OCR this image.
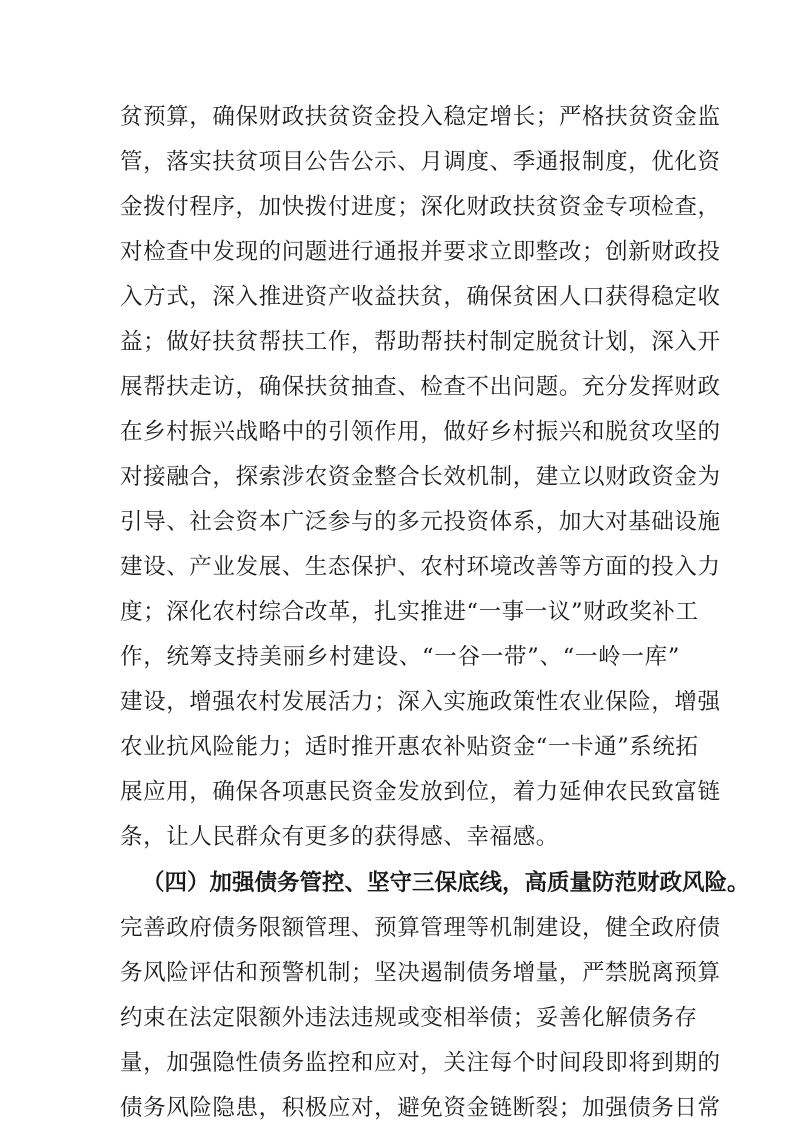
贫预算，确保财政扶贫资金投入稳定增长；严格扶贫资金监
管，落实扶贫项目公告公示、月调度、季通报制度，优化资
金拨付程序，加快拨付进度；深化财政扶贫资金专项检查，
对检查中发现的问题进行通报并要求立即整改；创新财政投
入方式，深入推进资产收益扶贫，确保贫困人口获得稳定收
益；做好扶贫帮扶工作，帮助帮扶村制定脱贫计划，深入开
展帮扶走访，确保扶贫抽查、检查不出问题。充分发挥财政
在乡村振兴战略中的引领作用，做好乡村振兴和脱贫攻坚的
对接融合，探索涉农资金整合长效机制，建立以财政资金为
引导、社会资本广泛参与的多元投资体系，加大对基础设施
建设、产业发展、生态保护、农村环境改善等方面的投入力
度；深化农村综合改革，扎实推进“一事一议”财政奖补工
作，统筹支持美丽乡村建设、“一谷一带”、“一岭一库”
建设，增强农村发展活力；深入实施政策性农业保险，增强
农业抗风险能力；适时推开惠农补贴资金“一卡通”系统拓
展应用，确保各项惠民资金发放到位，着力延伸农民致富链
条，让人民群众有更多的获得感、幸福感。
（四）加强债务管控、坚守三保底线，高质量防范财政风险。
完善政府债务限额管理、预算管理等机制建设，健全政府债
务风险评估和预警机制；坚决遏制债务增量，严禁脱离预算
约束在法定限额外违法违规或变相举债；妥善化解债务存
量，加强隐性债务监控和应对，关注每个时间段即将到期的
债务风险隐患，积极应对，避免资金链断裂；加强债务日常
